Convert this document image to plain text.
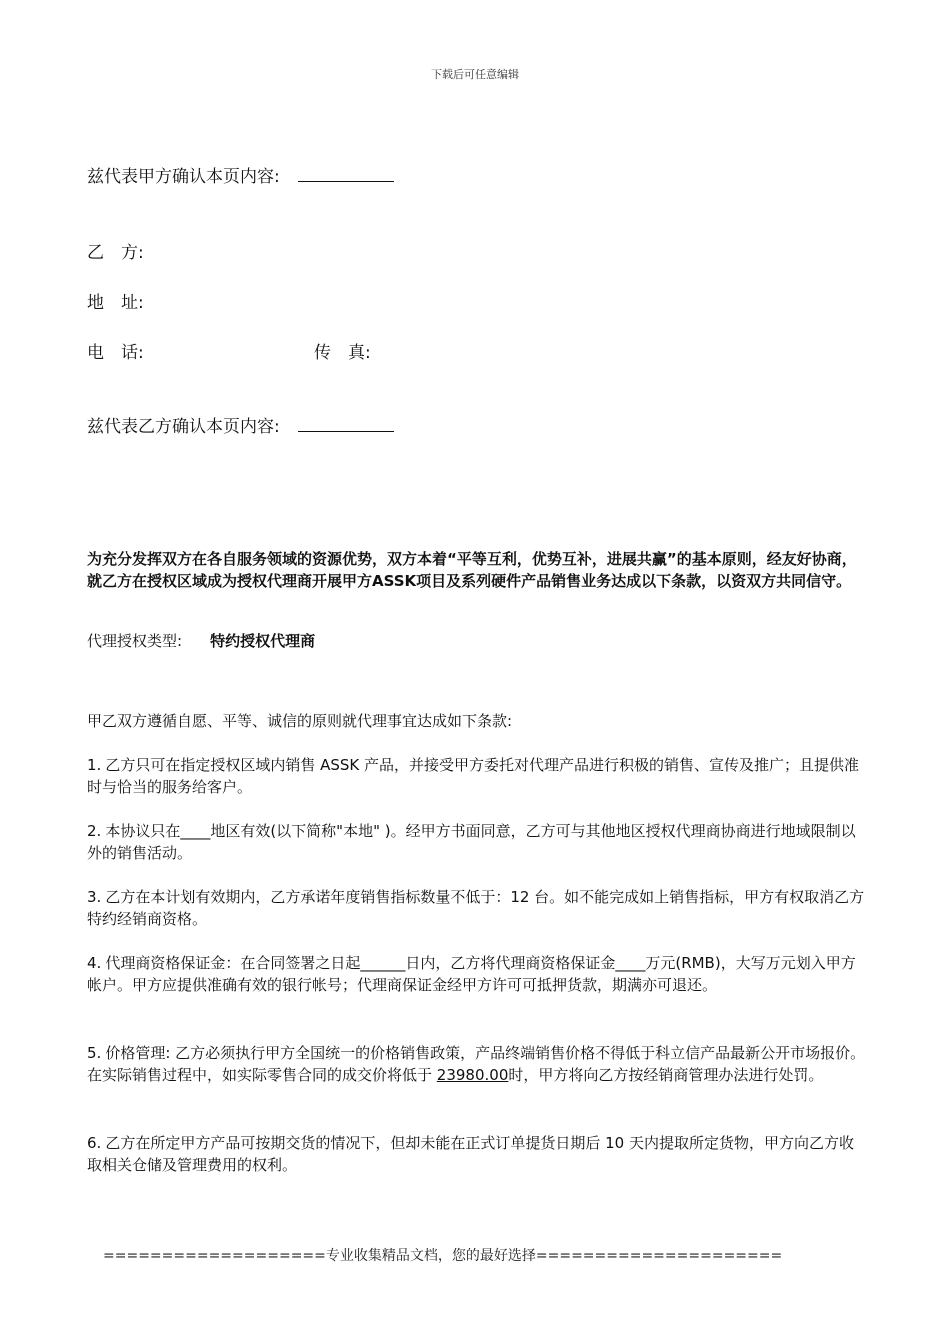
下载后可任意编辑
兹代表甲方确认本页内容:
乙　方:
地　址:
电　话:	传　真:
兹代表乙方确认本页内容:
为充分发挥双方在各自服务领域的资源优势，双方本着“平等互利，优势互补，进展共赢”的基本原则，经友好协商，就乙方在授权区域成为授权代理商开展甲方ASSK项目及系列硬件产品销售业务达成以下条款，以资双方共同信守。
代理授权类型: 特约授权代理商
甲乙双方遵循自愿、平等、诚信的原则就代理事宜达成如下条款:
1. 乙方只可在指定授权区域内销售 ASSK 产品，并接受甲方委托对代理产品进行积极的销售、宣传及推广；且提供准时与恰当的服务给客户。
2. 本协议只在____地区有效(以下简称"本地" )。经甲方书面同意，乙方可与其他地区授权代理商协商进行地域限制以外的销售活动。
3. 乙方在本计划有效期内，乙方承诺年度销售指标数量不低于：12 台。如不能完成如上销售指标，甲方有权取消乙方特约经销商资格。
4. 代理商资格保证金：在合同签署之日起______日内，乙方将代理商资格保证金____万元(RMB)，大写万元划入甲方帐户。甲方应提供准确有效的银行帐号；代理商保证金经甲方许可可抵押货款，期满亦可退还。
5. 价格管理: 乙方必须执行甲方全国统一的价格销售政策，产品终端销售价格不得低于科立信产品最新公开市场报价。在实际销售过程中，如实际零售合同的成交价将低于 23980.00时，甲方将向乙方按经销商管理办法进行处罚。
6. 乙方在所定甲方产品可按期交货的情况下，但却未能在正式订单提货日期后 10 天内提取所定货物，甲方向乙方收取相关仓储及管理费用的权利。
===================专业收集精品文档，您的最好选择=====================
